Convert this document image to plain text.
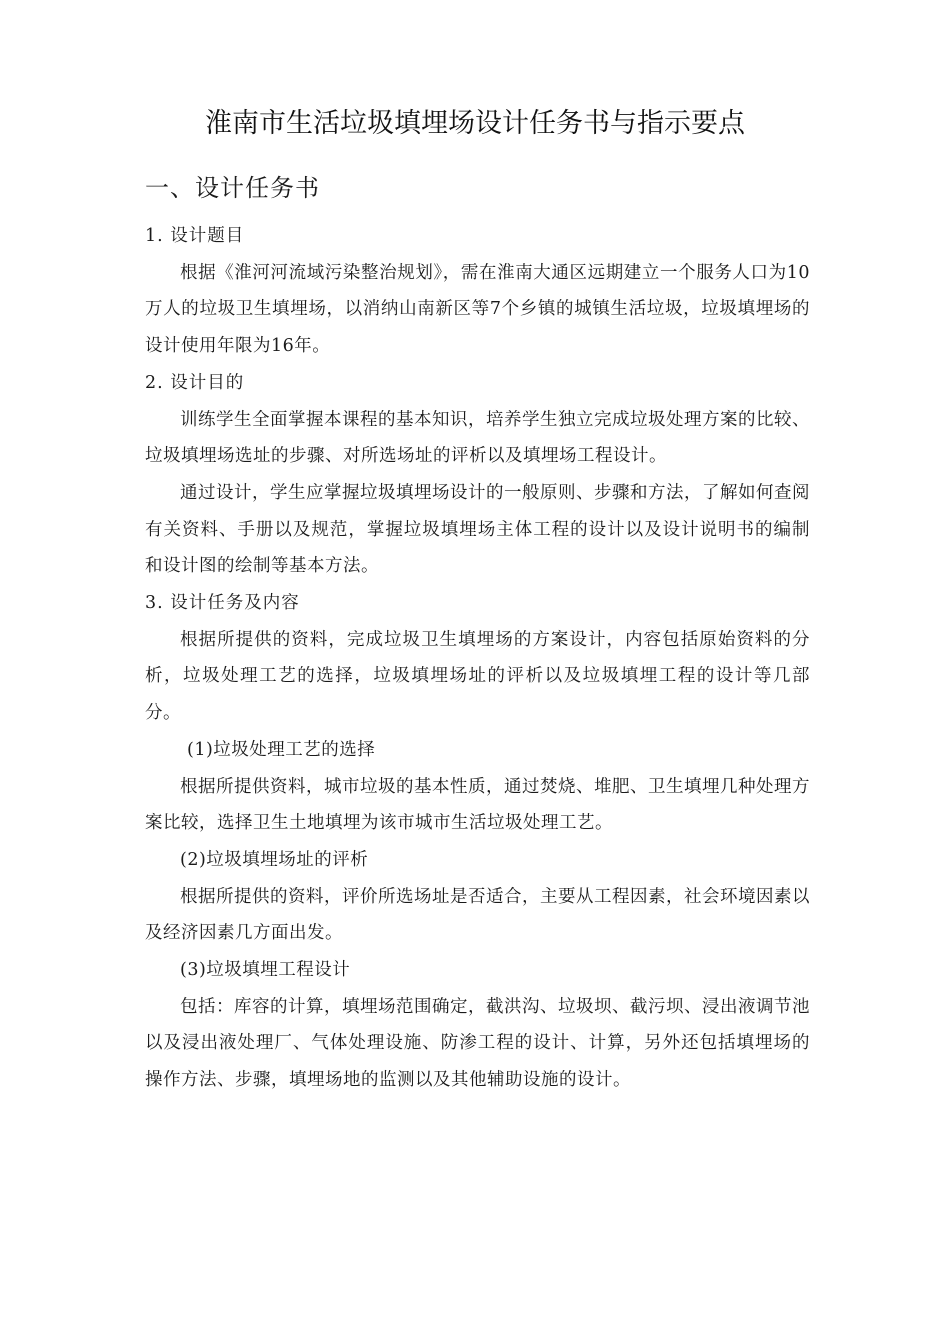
淮南市生活垃圾填埋场设计任务书与指示要点
一、设计任务书

1. 设计题目

根据《淮河河流域污染整治规划》，需在淮南大通区远期建立一个服务人口为10万人的垃圾卫生填埋场，以消纳山南新区等7个乡镇的城镇生活垃圾，垃圾填埋场的设计使用年限为16年。

2. 设计目的

训练学生全面掌握本课程的基本知识，培养学生独立完成垃圾处理方案的比较、垃圾填埋场选址的步骤、对所选场址的评析以及填埋场工程设计。

通过设计，学生应掌握垃圾填埋场设计的一般原则、步骤和方法，了解如何查阅有关资料、手册以及规范，掌握垃圾填埋场主体工程的设计以及设计说明书的编制和设计图的绘制等基本方法。

3. 设计任务及内容

根据所提供的资料，完成垃圾卫生填埋场的方案设计，内容包括原始资料的分析，垃圾处理工艺的选择，垃圾填埋场址的评析以及垃圾填埋工程的设计等几部分。

(1)垃圾处理工艺的选择

根据所提供资料，城市垃圾的基本性质，通过焚烧、堆肥、卫生填埋几种处理方案比较，选择卫生土地填埋为该市城市生活垃圾处理工艺。

(2)垃圾填埋场址的评析

根据所提供的资料，评价所选场址是否适合，主要从工程因素，社会环境因素以及经济因素几方面出发。

(3)垃圾填埋工程设计

包括：库容的计算，填埋场范围确定，截洪沟、垃圾坝、截污坝、浸出液调节池以及浸出液处理厂、气体处理设施、防渗工程的设计、计算，另外还包括填埋场的操作方法、步骤，填埋场地的监测以及其他辅助设施的设计。
